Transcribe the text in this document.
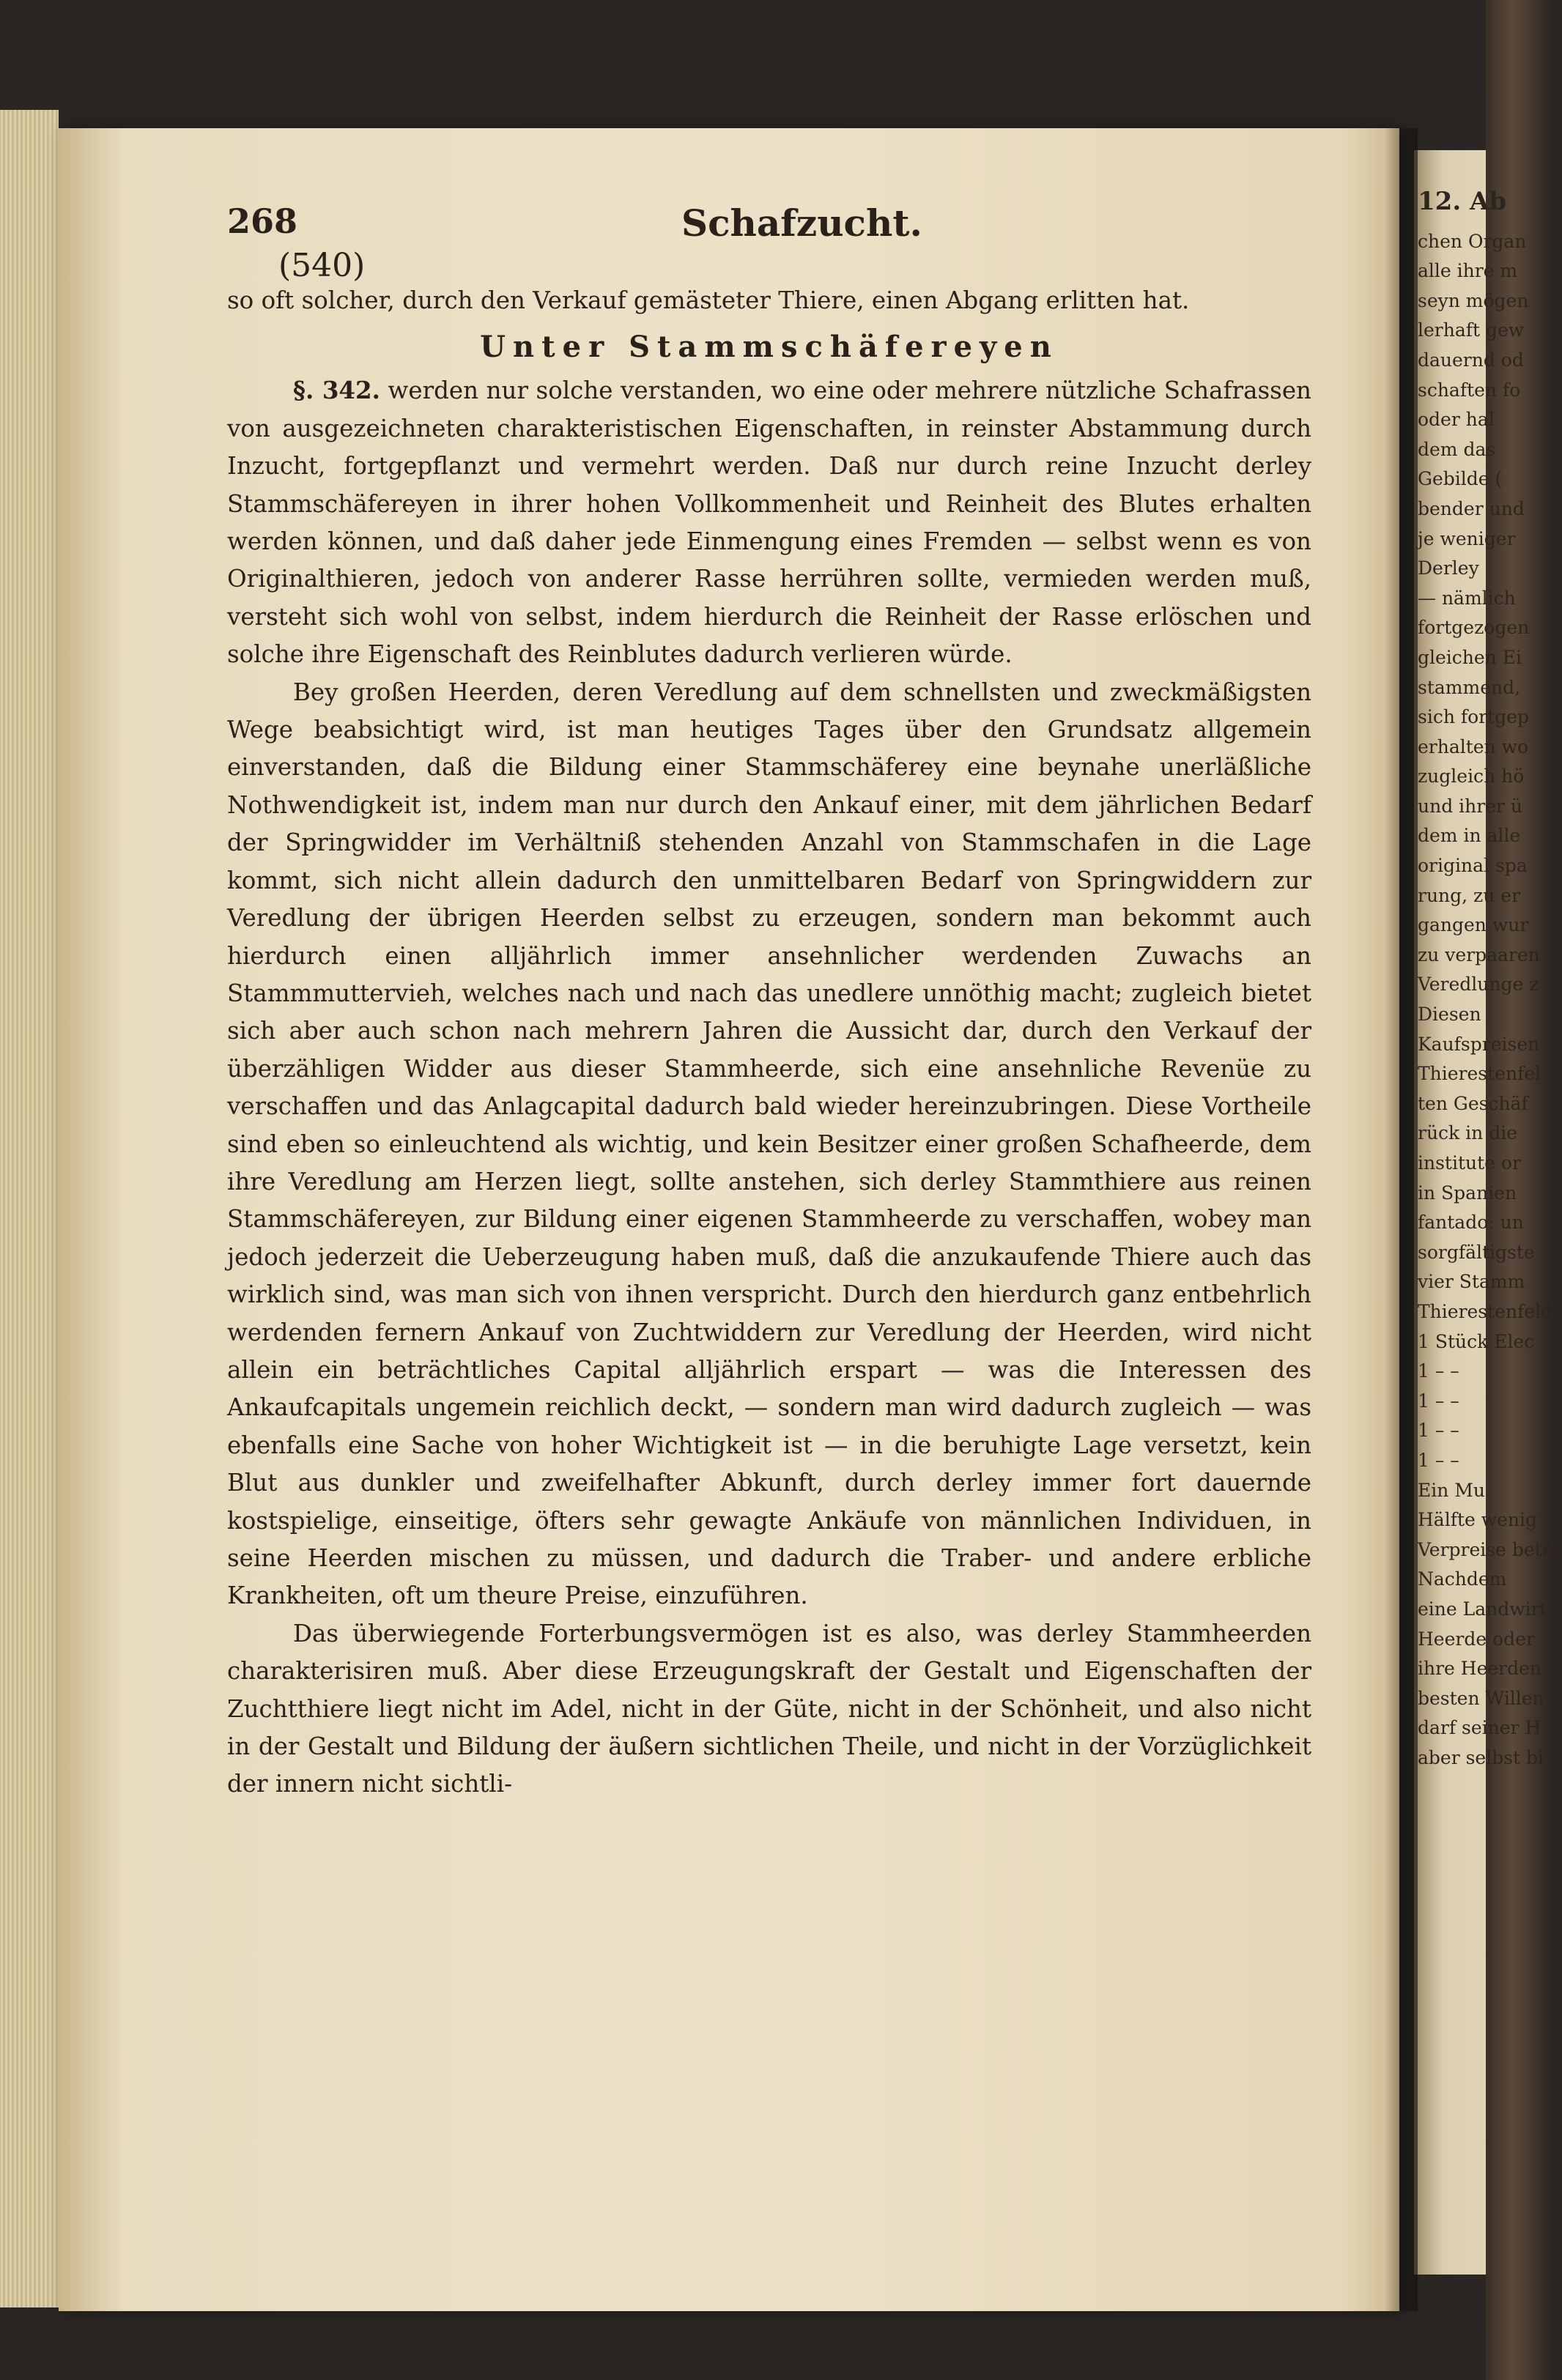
268	Schafzucht.
(540)

so oft solcher, durch den Verkauf gemästeter Thiere, einen Abgang erlitten hat.

Unter Stammschäfereyen

§. 342. werden nur solche verstanden, wo eine oder mehrere nützliche Schafrassen von ausgezeichneten charakteristischen Eigenschaften, in reinster Abstammung durch Inzucht, fortgepflanzt und vermehrt werden. Daß nur durch reine Inzucht derley Stammschäfereyen in ihrer hohen Vollkommenheit und Reinheit des Blutes erhalten werden können, und daß daher jede Einmengung eines Fremden — selbst wenn es von Originalthieren, jedoch von anderer Rasse herrühren sollte, vermieden werden muß, versteht sich wohl von selbst, indem hierdurch die Reinheit der Rasse erlöschen und solche ihre Eigenschaft des Reinblutes dadurch verlieren würde.

Bey großen Heerden, deren Veredlung auf dem schnellsten und zweckmäßigsten Wege beabsichtigt wird, ist man heutiges Tages über den Grundsatz allgemein einverstanden, daß die Bildung einer Stammschäferey eine beynahe unerläßliche Nothwendigkeit ist, indem man nur durch den Ankauf einer, mit dem jährlichen Bedarf der Springwidder im Verhältniß stehenden Anzahl von Stammschafen in die Lage kommt, sich nicht allein dadurch den unmittelbaren Bedarf von Springwiddern zur Veredlung der übrigen Heerden selbst zu erzeugen, sondern man bekommt auch hierdurch einen alljährlich immer ansehnlicher werdenden Zuwachs an Stammmuttervieh, welches nach und nach das unedlere unnöthig macht; zugleich bietet sich aber auch schon nach mehrern Jahren die Aussicht dar, durch den Verkauf der überzähligen Widder aus dieser Stammheerde, sich eine ansehnliche Revenüe zu verschaffen und das Anlagcapital dadurch bald wieder hereinzubringen. Diese Vortheile sind eben so einleuchtend als wichtig, und kein Besitzer einer großen Schafheerde, dem ihre Veredlung am Herzen liegt, sollte anstehen, sich derley Stammthiere aus reinen Stammschäfereyen, zur Bildung einer eigenen Stammheerde zu verschaffen, wobey man jedoch jederzeit die Ueberzeugung haben muß, daß die anzukaufende Thiere auch das wirklich sind, was man sich von ihnen verspricht. Durch den hierdurch ganz entbehrlich werdenden fernern Ankauf von Zuchtwiddern zur Veredlung der Heerden, wird nicht allein ein beträchtliches Capital alljährlich erspart — was die Interessen des Ankaufcapitals ungemein reichlich deckt, — sondern man wird dadurch zugleich — was ebenfalls eine Sache von hoher Wichtigkeit ist — in die beruhigte Lage versetzt, kein Blut aus dunkler und zweifelhafter Abkunft, durch derley immer fort dauernde kostspielige, einseitige, öfters sehr gewagte Ankäufe von männlichen Individuen, in seine Heerden mischen zu müssen, und dadurch die Traber- und andere erbliche Krankheiten, oft um theure Preise, einzuführen.

Das überwiegende Forterbungsvermögen ist es also, was derley Stammheerden charakterisiren muß. Aber diese Erzeugungskraft der Gestalt und Eigenschaften der Zuchtthiere liegt nicht im Adel, nicht in der Güte, nicht in der Schönheit, und also nicht in der Gestalt und Bildung der äußern sichtlichen Theile, und nicht in der Vorzüglichkeit der innern nicht sichtli-

12. Ab
chen Organ
alle ihre m
seyn mögen
lerhaft gew
dauernd od
schaften fo
oder hal
dem das
Gebilde (
bender und
je weniger
Derley
— nämlich
fortgezogen
gleichen Ei
stammend,
sich fortgep
erhalten wo
zugleich hö
und ihrer ü
dem in alle
original spa
rung, zu er
gangen wur
zu verpaaren
Veredlunge z
Diesen
Kaufspreisen
Thierestenfel
ten Geschäf
rück in die
institute or
in Spanien
fantado: un
sorgfältigste
vier Stamm
Thierestenfeld
1 Stück Elec
1 – –
1 – –
1 – –
1 – –
Ein Mu
Hälfte wenig
Verpreise betra
Nachdem
eine Landwirt
Heerde oder
ihre Heerden
besten Willen
darf seiner H
aber selbst bi
